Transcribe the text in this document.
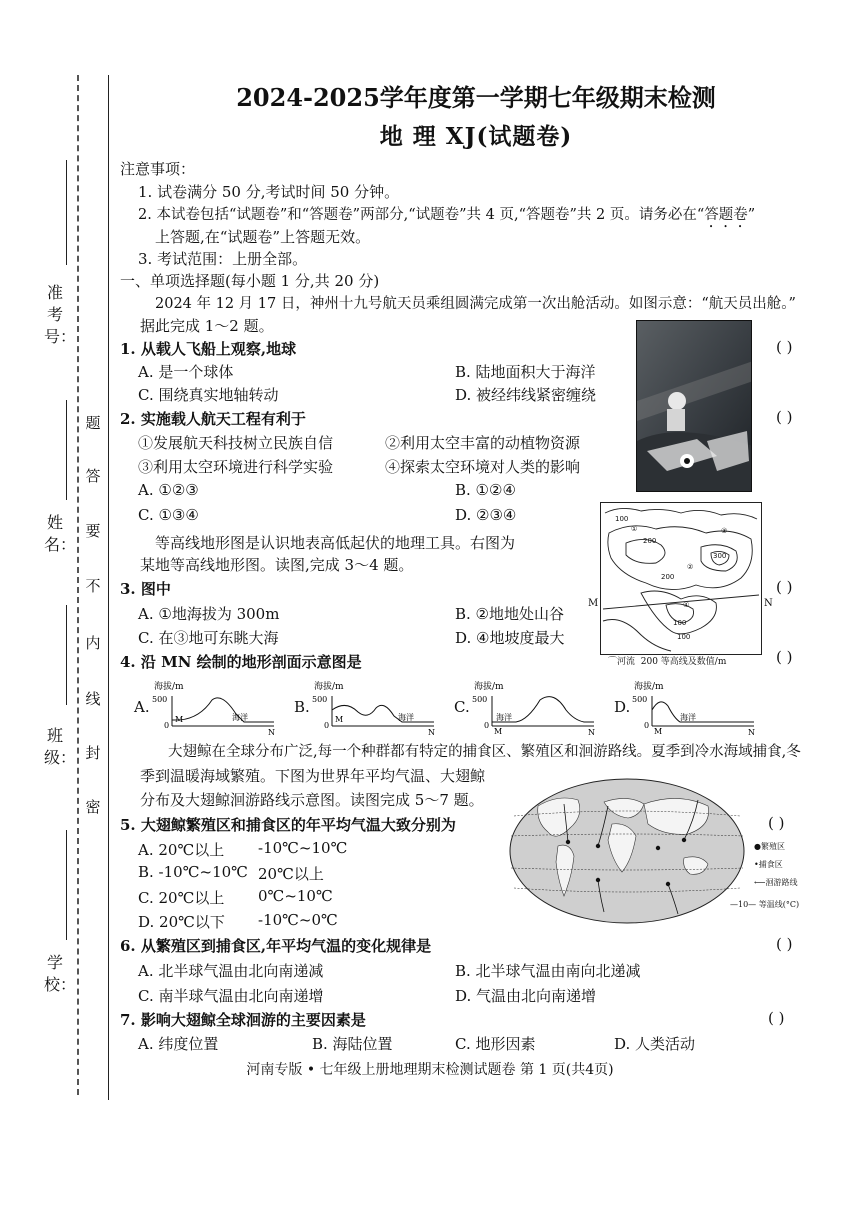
准考号：
姓名：
班级：
学校：
题
答
要
不
内
线
封
密
2024-2025学年度第一学期七年级期末检测
地 理 XJ(试题卷)
注意事项：
1. 试卷满分 50 分,考试时间 50 分钟。
2. 本试卷包括“试题卷”和“答题卷”两部分,“试题卷”共 4 页,“答题卷”共 2 页。请务必在“答题卷”
上答题,在“试题卷”上答题无效。
3. 考试范围：上册全部。
一、单项选择题(每小题 1 分,共 20 分)
2024 年 12 月 17 日，神州十九号航天员乘组圆满完成第一次出舱活动。如图示意：“航天员出舱。”
据此完成 1～2 题。
1. 从载人飞船上观察,地球	( )
A. 是一个球体	B. 陆地面积大于海洋
C. 围绕真实地轴转动	D. 被经纬线紧密缠绕
2. 实施载人航天工程有利于	( )
①发展航天科技树立民族自信	②利用太空丰富的动植物资源
③利用太空环境进行科学实验	④探索太空环境对人类的影响
A. ①②③	B. ①②④
C. ①③④	D. ②③④	100
200
300
200
100
100
①
②
③
④
M	N
⌒河流 200 等高线及数值/m
等高线地形图是认识地表高低起伏的地理工具。右图为
某地等高线地形图。读图,完成 3～4 题。
3. 图中	( )
A. ①地海拔为 300m	B. ②地地处山谷
C. 在③地可东眺大海	D. ④地坡度最大
4. 沿 MN 绘制的地形剖面示意图是	( )
A.	B.	C.	D.
海拔/m
500
0
M	海洋
N
海拔/m
500
0
M	海洋
N
海拔/m
500
0
海洋
M	N
海拔/m
500
0
海洋
M	N
大翅鲸在全球分布广泛,每一个种群都有特定的捕食区、繁殖区和洄游路线。夏季到冷水海域捕食,冬
季到温暖海域繁殖。下图为世界年平均气温、大翅鲸
分布及大翅鲸洄游路线示意图。读图完成 5～7 题。
●繁殖区
•捕食区
⟵洄游路线
—10— 等温线(°C)
5. 大翅鲸繁殖区和捕食区的年平均气温大致分别为	( )
A. 20℃以上 -10℃~10℃
B. -10℃~10℃ 20℃以上
C. 20℃以上 0℃~10℃
D. 20℃以下 -10℃~0℃
6. 从繁殖区到捕食区,年平均气温的变化规律是	( )
A. 北半球气温由北向南递减	B. 北半球气温由南向北递减
C. 南半球气温由北向南递增	D. 气温由北向南递增
7. 影响大翅鲸全球洄游的主要因素是	( )
A. 纬度位置	B. 海陆位置	C. 地形因素	D. 人类活动
河南专版 • 七年级上册地理期末检测试题卷 第 1 页(共4页)
